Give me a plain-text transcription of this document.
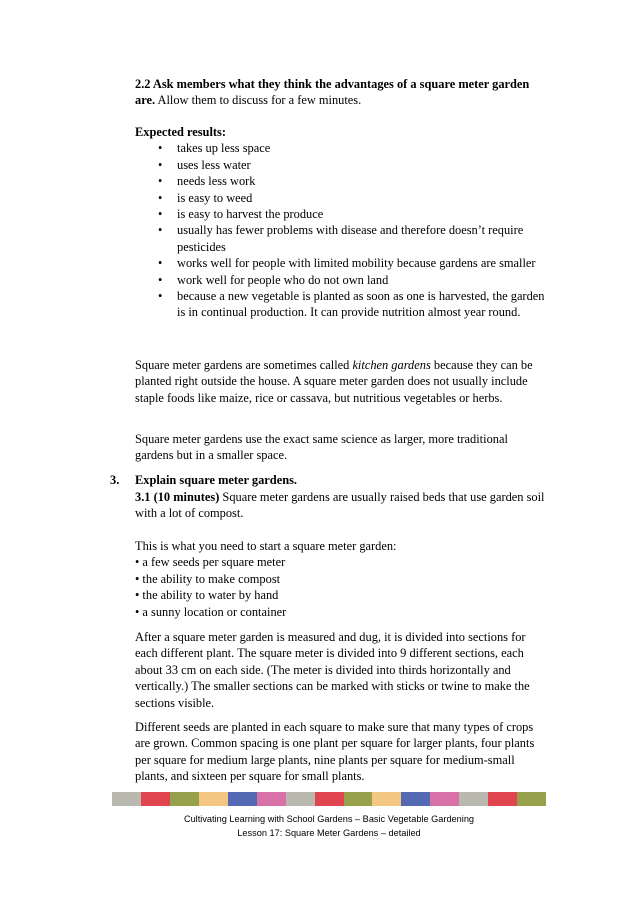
2.2 Ask members what they think the advantages of a square meter garden are. Allow them to discuss for a few minutes.
Expected results:
• takes up less space
• uses less water
• needs less work
• is easy to weed
• is easy to harvest the produce
• usually has fewer problems with disease and therefore doesn’t require pesticides
• works well for people with limited mobility because gardens are smaller
• work well for people who do not own land
• because a new vegetable is planted as soon as one is harvested, the garden is in continual production. It can provide nutrition almost year round.
Square meter gardens are sometimes called kitchen gardens because they can be planted right outside the house. A square meter garden does not usually include staple foods like maize, rice or cassava, but nutritious vegetables or herbs.
Square meter gardens use the exact same science as larger, more traditional gardens but in a smaller space.
3. Explain square meter gardens.
3.1 (10 minutes) Square meter gardens are usually raised beds that use garden soil with a lot of compost.
This is what you need to start a square meter garden:
• a few seeds per square meter
• the ability to make compost
• the ability to water by hand
• a sunny location or container
After a square meter garden is measured and dug, it is divided into sections for each different plant. The square meter is divided into 9 different sections, each about 33 cm on each side. (The meter is divided into thirds horizontally and vertically.) The smaller sections can be marked with sticks or twine to make the sections visible.
Different seeds are planted in each square to make sure that many types of crops are grown. Common spacing is one plant per square for larger plants, four plants per square for medium large plants, nine plants per square for medium-small plants, and sixteen per square for small plants.
Cultivating Learning with School Gardens – Basic Vegetable Gardening
Lesson 17: Square Meter Gardens – detailed
